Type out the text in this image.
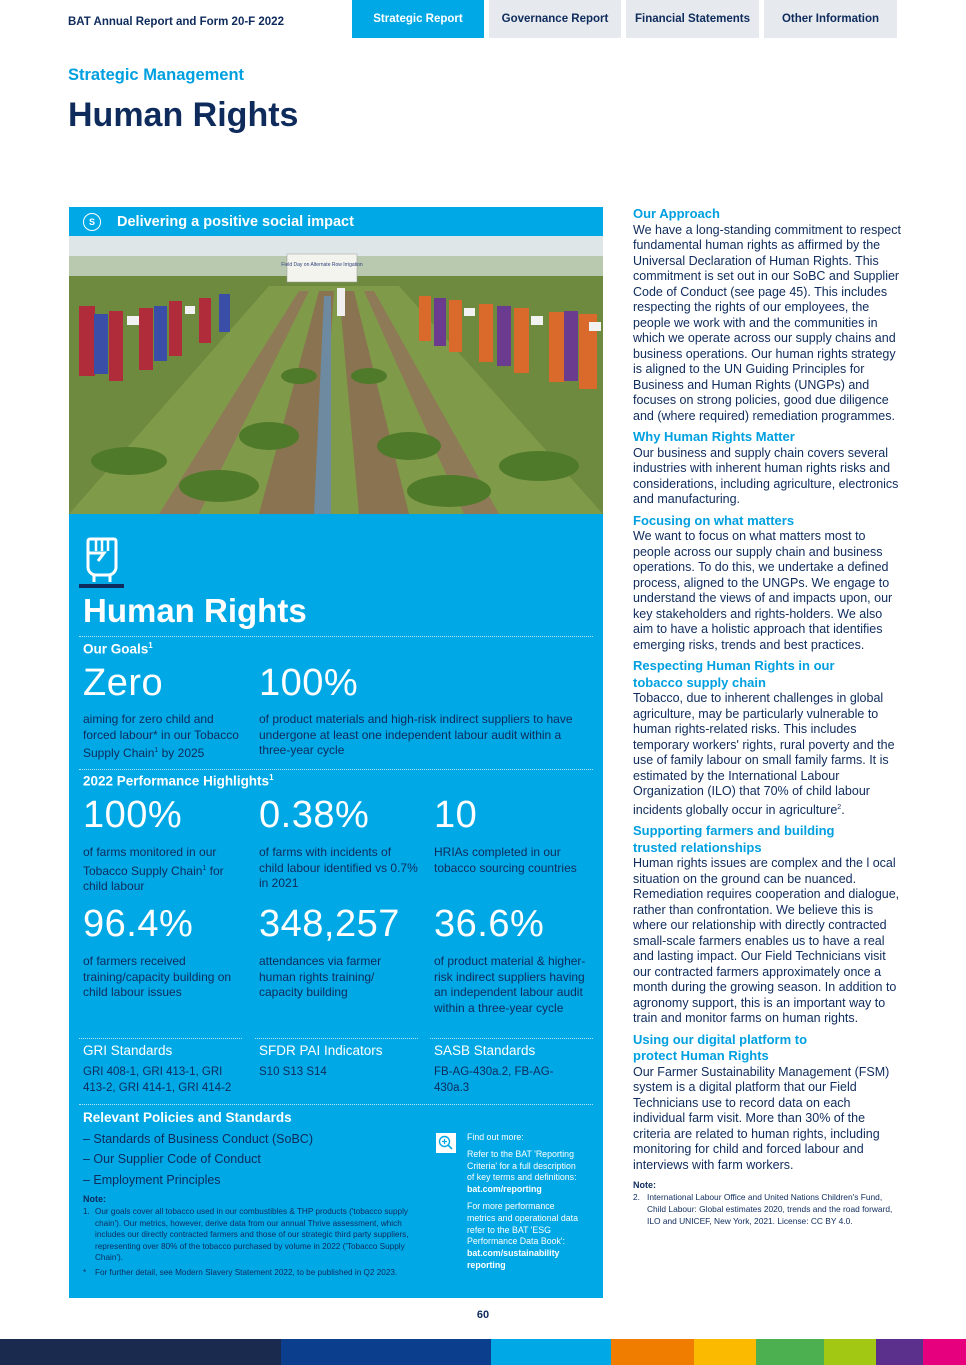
BAT Annual Report and Form 20-F 2022	Strategic Report	Governance Report	Financial Statements	Other Information
Strategic Management
Human Rights
S	Delivering a positive social impact
Field Day on Alternate Row Irrigation
Human Rights
Our Goals$^1$
Zero
aiming for zero child and forced labour* in our Tobacco Supply Chain$^1$ by 2025
100%
of product materials and high-risk indirect suppliers to have undergone at least one independent labour audit within a three-year cycle
2022 Performance Highlights$^1$
100%
of farms monitored in our Tobacco Supply Chain$^1$ for child labour
0.38%
of farms with incidents of child labour identified vs 0.7% in 2021
10
HRIAs completed in our tobacco sourcing countries
96.4%
of farmers received training/capacity building on child labour issues
348,257
attendances via farmer human rights training/ capacity building
36.6%
of product material & higher-risk indirect suppliers having an independent labour audit within a three-year cycle
GRI Standards
GRI 408-1, GRI 413-1, GRI 413-2, GRI 414-1, GRI 414-2
SFDR PAI Indicators
S10 S13 S14
SASB Standards
FB-AG-430a.2, FB-AG-430a.3
Relevant Policies and Standards
– Standards of Business Conduct (SoBC)
– Our Supplier Code of Conduct
– Employment Principles
Note:
1. Our goals cover all tobacco used in our combustibles & THP products ('tobacco supply chain'). Our metrics, however, derive data from our annual Thrive assessment, which includes our directly contracted farmers and those of our strategic third party suppliers, representing over 80% of the tobacco purchased by volume in 2022 ('Tobacco Supply Chain').
* For further detail, see Modern Slavery Statement 2022, to be published in Q2 2023.
Find out more:
Refer to the BAT 'Reporting Criteria' for a full description of key terms and definitions:
bat.com/reporting
For more performance metrics and operational data refer to the BAT 'ESG Performance Data Book':
bat.com/sustainability reporting
Our Approach
We have a long-standing commitment to respect fundamental human rights as affirmed by the Universal Declaration of Human Rights. This commitment is set out in our SoBC and Supplier Code of Conduct (see page 45). This includes respecting the rights of our employees, the people we work with and the communities in which we operate across our supply chains and business operations. Our human rights strategy is aligned to the UN Guiding Principles for Business and Human Rights (UNGPs) and focuses on strong policies, good due diligence and (where required) remediation programmes.
Why Human Rights Matter
Our business and supply chain covers several industries with inherent human rights risks and considerations, including agriculture, electronics and manufacturing.
Focusing on what matters
We want to focus on what matters most to people across our supply chain and business operations. To do this, we undertake a defined process, aligned to the UNGPs. We engage to understand the views of and impacts upon, our key stakeholders and rights-holders. We also aim to have a holistic approach that identifies emerging risks, trends and best practices.
Respecting Human Rights in our tobacco supply chain
Tobacco, due to inherent challenges in global agriculture, may be particularly vulnerable to human rights-related risks. This includes temporary workers' rights, rural poverty and the use of family labour on small family farms. It is estimated by the International Labour Organization (ILO) that 70% of child labour incidents globally occur in agriculture$^2$.
Supporting farmers and building trusted relationships
Human rights issues are complex and the l ocal situation on the ground can be nuanced. Remediation requires cooperation and dialogue, rather than confrontation. We believe this is where our relationship with directly contracted small-scale farmers enables us to have a real and lasting impact. Our Field Technicians visit our contracted farmers approximately once a month during the growing season. In addition to agronomy support, this is an important way to train and monitor farms on human rights.
Using our digital platform to protect Human Rights
Our Farmer Sustainability Management (FSM) system is a digital platform that our Field Technicians use to record data on each individual farm visit. More than 30% of the criteria are related to human rights, including monitoring for child and forced labour and interviews with farm workers.
Note:
2. International Labour Office and United Nations Children's Fund, Child Labour: Global estimates 2020, trends and the road forward, ILO and UNICEF, New York, 2021. License: CC BY 4.0.
60
